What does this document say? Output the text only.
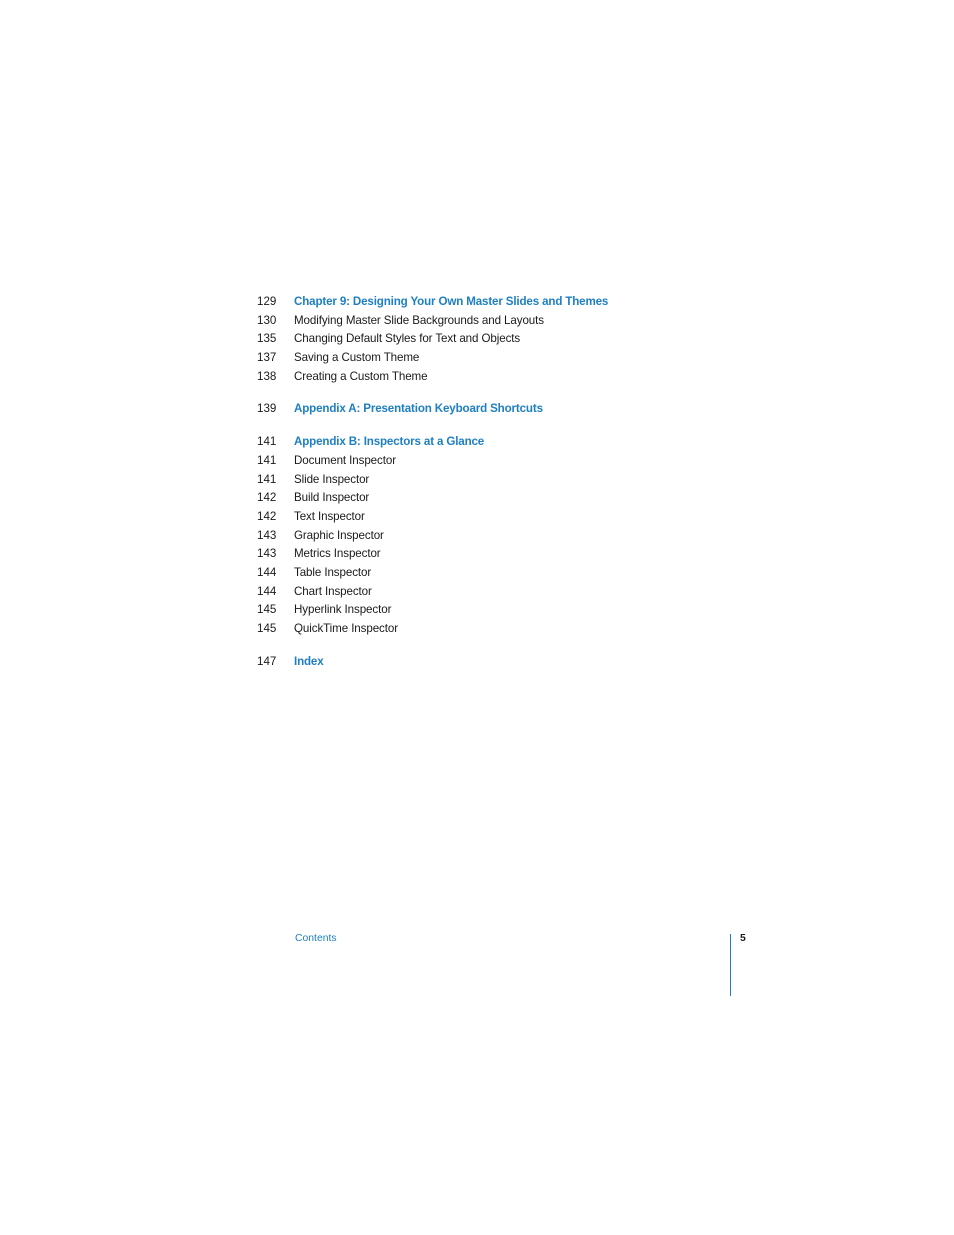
129	Chapter 9: Designing Your Own Master Slides and Themes
130	Modifying Master Slide Backgrounds and Layouts
135	Changing Default Styles for Text and Objects
137	Saving a Custom Theme
138	Creating a Custom Theme
139	Appendix A: Presentation Keyboard Shortcuts
141	Appendix B: Inspectors at a Glance
141	Document Inspector
141	Slide Inspector
142	Build Inspector
142	Text Inspector
143	Graphic Inspector
143	Metrics Inspector
144	Table Inspector
144	Chart Inspector
145	Hyperlink Inspector
145	QuickTime Inspector
147	Index
Contents	5
